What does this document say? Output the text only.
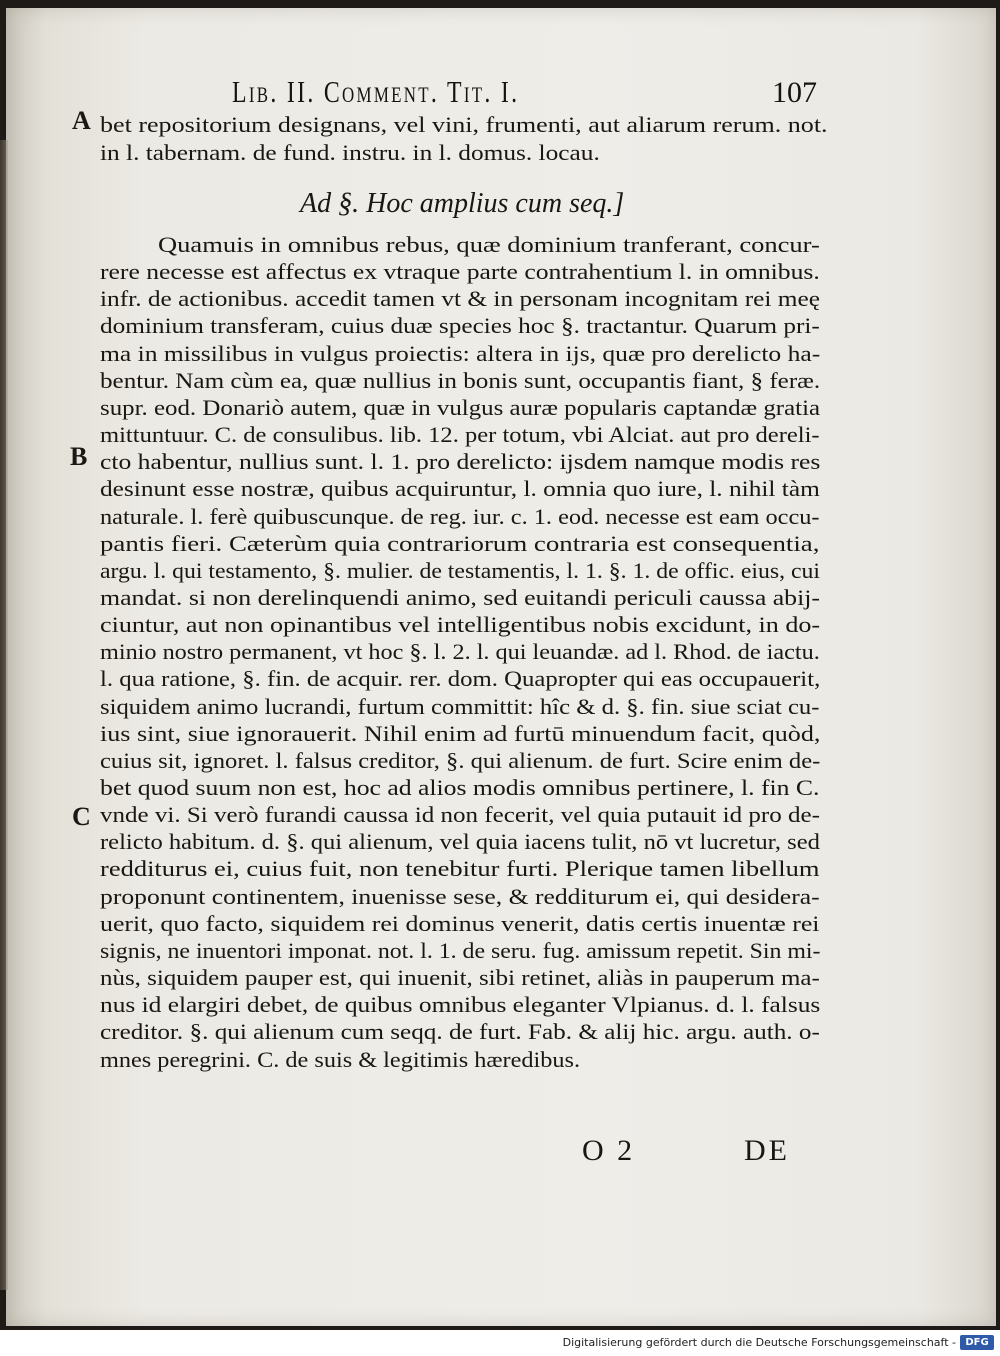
Lib. II. Comment. Tit. I.	107
A
B
C
bet repositorium designans, vel vini, frumenti, aut aliarum rerum. not.
in l. tabernam. de fund. instru. in l. domus. locau.
Ad §. Hoc amplius cum seq.]
Quamuis in omnibus rebus, quæ dominium tranferant, concur-
rere necesse est affectus ex vtraque parte contrahentium l. in omnibus.
infr. de actionibus. accedit tamen vt & in personam incognitam rei meę
dominium transferam, cuius duæ species hoc §. tractantur. Quarum pri-
ma in missilibus in vulgus proiectis: altera in ijs, quæ pro derelicto ha-
bentur. Nam cùm ea, quæ nullius in bonis sunt, occupantis fiant, § feræ.
supr. eod. Donariò autem, quæ in vulgus auræ popularis captandæ gratia
mittuntuur. C. de consulibus. lib. 12. per totum, vbi Alciat. aut pro dereli-
cto habentur, nullius sunt. l. 1. pro derelicto: ijsdem namque modis res
desinunt esse nostræ, quibus acquiruntur, l. omnia quo iure, l. nihil tàm
naturale. l. ferè quibuscunque. de reg. iur. c. 1. eod. necesse est eam occu-
pantis fieri. Cæterùm quia contrariorum contraria est consequentia,
argu. l. qui testamento, §. mulier. de testamentis, l. 1. §. 1. de offic. eius, cui
mandat. si non derelinquendi animo, sed euitandi periculi caussa abij-
ciuntur, aut non opinantibus vel intelligentibus nobis excidunt, in do-
minio nostro permanent, vt hoc §. l. 2. l. qui leuandæ. ad l. Rhod. de iactu.
l. qua ratione, §. fin. de acquir. rer. dom. Quapropter qui eas occupauerit,
siquidem animo lucrandi, furtum committit: hîc & d. §. fin. siue sciat cu-
ius sint, siue ignorauerit. Nihil enim ad furtū minuendum facit, quòd,
cuius sit, ignoret. l. falsus creditor, §. qui alienum. de furt. Scire enim de-
bet quod suum non est, hoc ad alios modis omnibus pertinere, l. fin C.
vnde vi. Si verò furandi caussa id non fecerit, vel quia putauit id pro de-
relicto habitum. d. §. qui alienum, vel quia iacens tulit, nō vt lucretur, sed
redditurus ei, cuius fuit, non tenebitur furti. Plerique tamen libellum
proponunt continentem, inuenisse sese, & redditurum ei, qui desidera-
uerit, quo facto, siquidem rei dominus venerit, datis certis inuentæ rei
signis, ne inuentori imponat. not. l. 1. de seru. fug. amissum repetit. Sin mi-
nùs, siquidem pauper est, qui inuenit, sibi retinet, aliàs in pauperum ma-
nus id elargiri debet, de quibus omnibus eleganter Vlpianus. d. l. falsus
creditor. §. qui alienum cum seqq. de furt. Fab. & alij hic. argu. auth. o-
mnes peregrini. C. de suis & legitimis hæredibus.
O 2	DE
Digitalisierung gefördert durch die Deutsche Forschungsgemeinschaft - DFG
